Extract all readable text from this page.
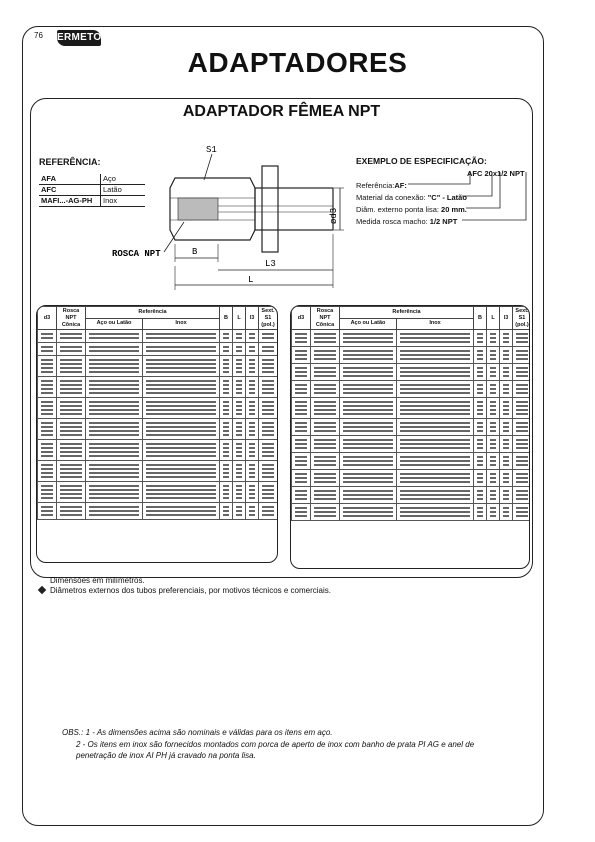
76 ERMETO
ADAPTADORES
ADAPTADOR FÊMEA NPT
REFERÊNCIA:
AFA	Aço
AFC	Latão
MAFI...-AG-PH	Inox
S1
ROSCA NPT	B
L3
L
ød3
EXEMPLO DE ESPECIFICAÇÃO:
AFC 20x1/2 NPT
Referência:AF:
Material da conexão: "C" - Latão
Diâm. externo ponta lisa: 20 mm.
Medida rosca macho: 1/2 NPT
d3	Rosca NPT Cônica	Referência		B	L	l3	Sext. S1 (pol.)
		Aço ou Latão	Inox				

d3	Rosca NPT Cônica	Referência		B	L	l3	Sext. S1 (pol.)
		Aço ou Latão	Inox				

Dimensões em milímetros.
Diâmetros externos dos tubos preferenciais, por motivos técnicos e comerciais.
OBS.: 1 - As dimensões acima são nominais e válidas para os itens em aço.
2 - Os itens em inox são fornecidos montados com porca de aperto de inox com banho de prata PI AG e anel de
penetração de inox AI PH já cravado na ponta lisa.
